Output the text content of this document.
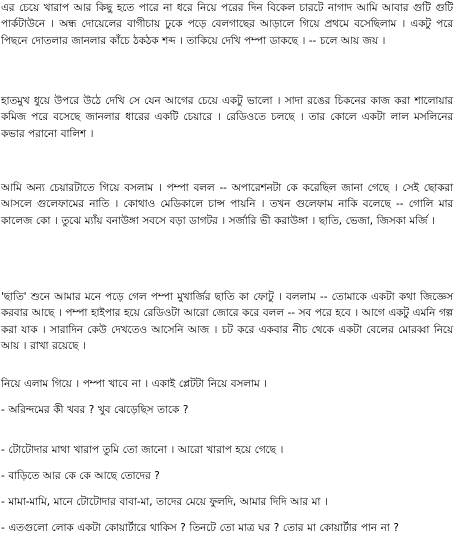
এর চেয়ে খারাপ আর কিছু হতে পারে না ধরে নিয়ে পরের দিন বিকেল চারটে নাগাদ আমি আবার গুটি গুটি পার্কটাউনে । অন্ধ দোয়েলের বাগীচায় ঢুকে পড়ে বেলগাছের আড়ালে গিয়ে প্রথমে বসেছিলাম । একটু পরে পিছনে দোতলার জানলার কাঁচে ঠকঠক শব্দ । তাকিয়ে দেখি পম্পা ডাকছে । -- চলে আয় জয় ।

হাতমুখ ধুয়ে উপরে উঠে দেখি সে যেন আগের চেয়ে একটু ভালো । সাদা রঙের চিকনের কাজ করা শালোয়ার কমিজ পরে বসেছে জানলার ধারের একটি চেয়ারে । রেডিওতে চলছে । তার কোলে একটা লাল মসলিনের কভার পরানো বালিশ ।

আমি অন্য চেয়ারটাতে গিয়ে বসলাম । পম্পা বলল -- অপারেশনটা কে করেছিল জানা গেছে । সেই ছোকরা আসলে গুলেফামের নাতি । কোথাও মেডিকালে চান্স পায়নি । তখন গুলেফাম নাকি বলেছে -- গোলি মার কালেজ কো । তুঝে ম্যাঁয় বনাউঙ্গা সবসে বড়া ডাগটর । সর্জারি ভী করাউঙ্গা । ছাতি, ভেজা, জিসকা মর্জি ।

'ছাতি' শুনে আমার মনে পড়ে গেল পম্পা মুখার্জির ছাতি কা ফোটু । বললাম -- তোমাকে একটা কথা জিজ্ঞেস করবার আছে । পম্পা হাইপার হয়ে রেডিওটা আরো জোরে করে বলল -- সব পরে হবে । আগে একটু এমনি গল্প করা যাক । সারাদিন কেউ দেখতেও আসেনি আজ । চট করে একবার নীচ থেকে একটা বেলের মোরব্বা নিয়ে আয় । রাখা রয়েছে ।

নিয়ে এলাম গিয়ে । পম্পা খাবে না । একাই প্লেটটা নিয়ে বসলাম ।

- অরিন্দমের কী খবর ? খুব ঝেড়েছিস তাকে ?

- টোটোদার মাথা খারাপ তুমি তো জানো । আরো খারাপ হয়ে গেছে ।

- বাড়িতে আর কে কে আছে তোদের ?

- মামা-মামি, মানে টোটোদার বাবা-মা, তাদের মেয়ে ফুলদি, আমার দিদি আর মা ।

- এতগুলো লোক একটা কোয়ার্টারে থাকিস ? তিনটে তো মাত্র ঘর ? তোর মা কোয়ার্টার পান না ?
